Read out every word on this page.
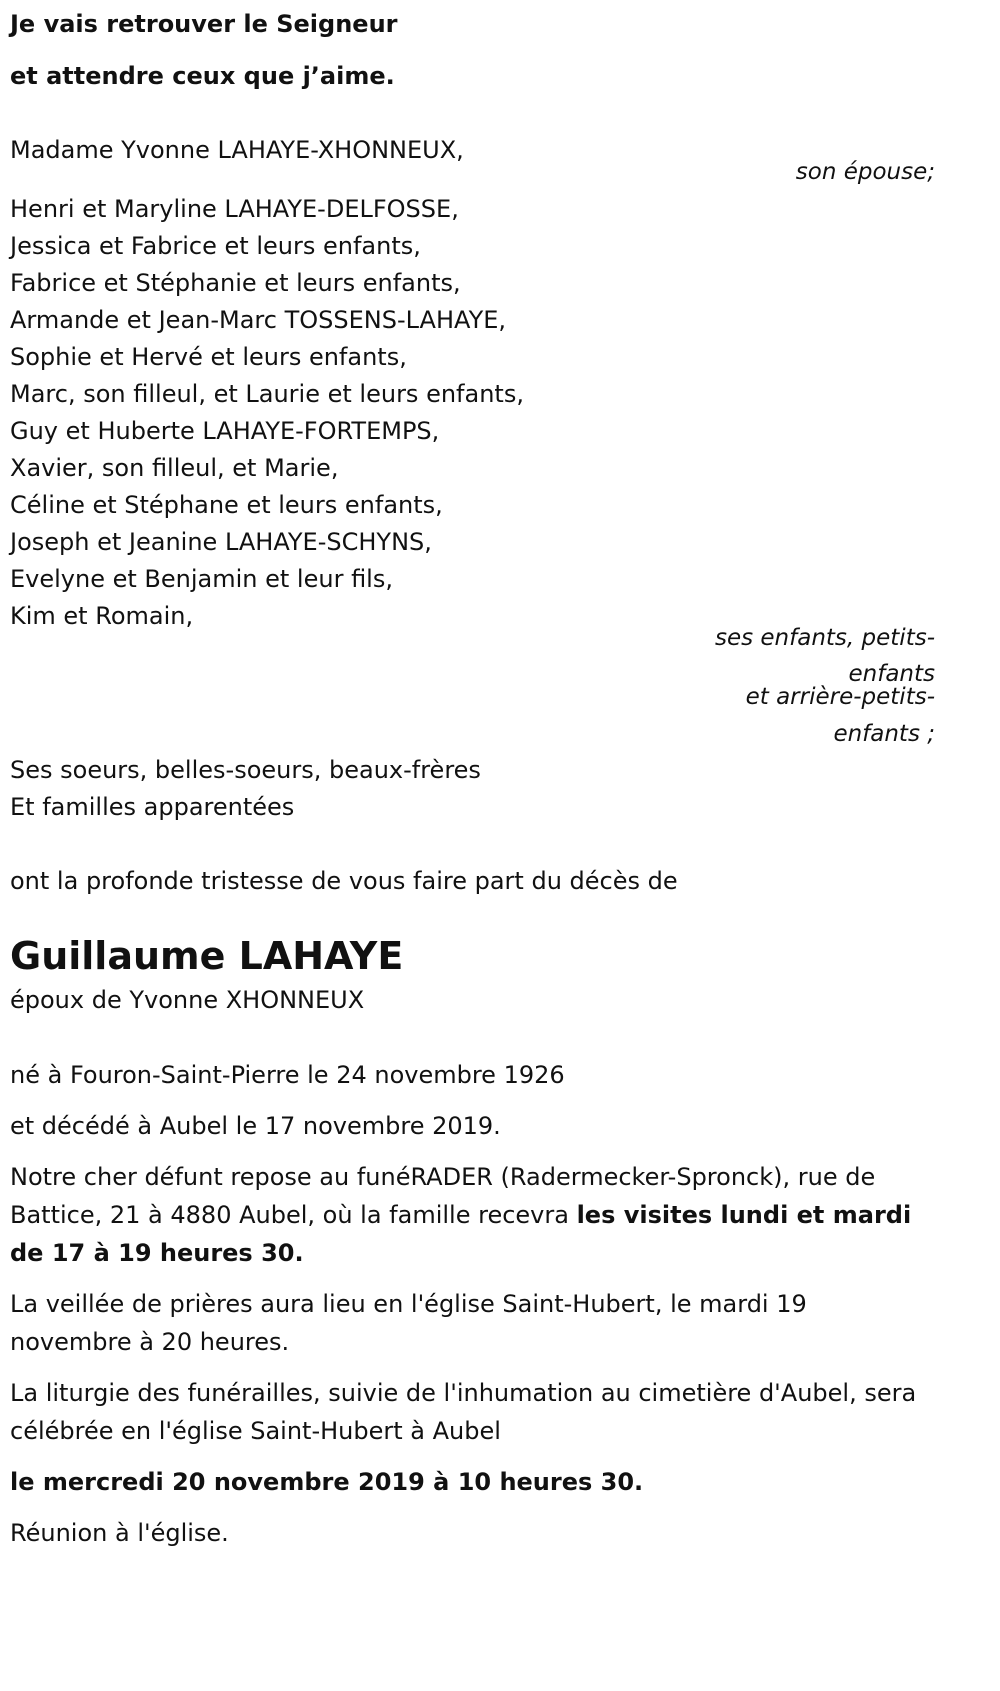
Je vais retrouver le Seigneur
et attendre ceux que j’aime.
Madame Yvonne LAHAYE-XHONNEUX,
son épouse;
Henri et Maryline LAHAYE-DELFOSSE,
Jessica et Fabrice et leurs enfants,
Fabrice et Stéphanie et leurs enfants,
Armande et Jean-Marc TOSSENS-LAHAYE,
Sophie et Hervé et leurs enfants,
Marc, son filleul, et Laurie et leurs enfants,
Guy et Huberte LAHAYE-FORTEMPS,
Xavier, son filleul, et Marie,
Céline et Stéphane et leurs enfants,
Joseph et Jeanine LAHAYE-SCHYNS,
Evelyne et Benjamin et leur fils,
Kim et Romain,
ses enfants, petits-
enfants
et arrière-petits-
enfants ;
Ses soeurs, belles-soeurs, beaux-frères
Et familles apparentées
ont la profonde tristesse de vous faire part du décès de
Guillaume LAHAYE
époux de Yvonne XHONNEUX
né à Fouron-Saint-Pierre le 24 novembre 1926
et décédé à Aubel le 17 novembre 2019.
Notre cher défunt repose au funéRADER (Radermecker-Spronck), rue de Battice, 21 à 4880 Aubel, où la famille recevra les visites lundi et mardi de 17 à 19 heures 30.
La veillée de prières aura lieu en l'église Saint-Hubert, le mardi 19 novembre à 20 heures.
La liturgie des funérailles, suivie de l'inhumation au cimetière d'Aubel, sera célébrée en l'église Saint-Hubert à Aubel
le mercredi 20 novembre 2019 à 10 heures 30.
Réunion à l'église.
